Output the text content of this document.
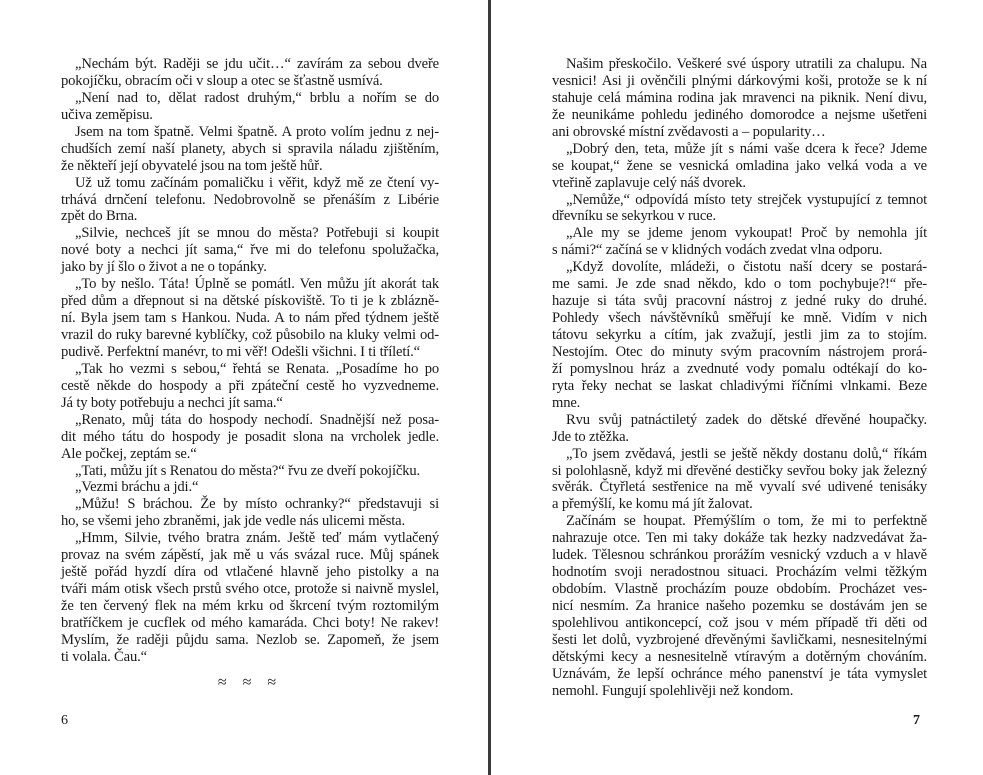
„Nechám být. Raději se jdu učit…“ zavírám za sebou dveře
pokojíčku, obracím oči v sloup a otec se šťastně usmívá.
„Není nad to, dělat radost druhým,“ brblu a nořím se do
učiva zeměpisu.
Jsem na tom špatně. Velmi špatně. A proto volím jednu z nej-
chudších zemí naší planety, abych si spravila náladu zjištěním,
že někteří její obyvatelé jsou na tom ještě hůř.
Už už tomu začínám pomaličku i věřit, když mě ze čtení vy-
trhává drnčení telefonu. Nedobrovolně se přenáším z Libérie
zpět do Brna.
„Silvie, nechceš jít se mnou do města? Potřebuji si koupit
nové boty a nechci jít sama,“ řve mi do telefonu spolužačka,
jako by jí šlo o život a ne o topánky.
„To by nešlo. Táta! Úplně se pomátl. Ven můžu jít akorát tak
před dům a dřepnout si na dětské pískoviště. To ti je k zblázně-
ní. Byla jsem tam s Hankou. Nuda. A to nám před týdnem ještě
vrazil do ruky barevné kyblíčky, což působilo na kluky velmi od-
pudivě. Perfektní manévr, to mi věř! Odešli všichni. I ti tříletí.“
„Tak ho vezmi s sebou,“ řehtá se Renata. „Posadíme ho po
cestě někde do hospody a při zpáteční cestě ho vyzvedneme.
Já ty boty potřebuju a nechci jít sama.“
„Renato, můj táta do hospody nechodí. Snadnější než posa-
dit mého tátu do hospody je posadit slona na vrcholek jedle.
Ale počkej, zeptám se.“
„Tati, můžu jít s Renatou do města?“ řvu ze dveří pokojíčku.
„Vezmi bráchu a jdi.“
„Můžu! S bráchou. Že by místo ochranky?“ představuji si
ho, se všemi jeho zbraněmi, jak jde vedle nás ulicemi města.
„Hmm, Silvie, tvého bratra znám. Ještě teď mám vytlačený
provaz na svém zápěstí, jak mě u vás svázal ruce. Můj spánek
ještě pořád hyzdí díra od vtlačené hlavně jeho pistolky a na
tváři mám otisk všech prstů svého otce, protože si naivně myslel,
že ten červený flek na mém krku od škrcení tvým roztomilým
bratříčkem je cucflek od mého kamaráda. Chci boty! Ne rakev!
Myslím, že raději půjdu sama. Nezlob se. Zapomeň, že jsem
ti volala. Čau.“
≈ ≈ ≈
6
Našim přeskočilo. Veškeré své úspory utratili za chalupu. Na
vesnici! Asi ji ověnčili plnými dárkovými koši, protože se k ní
stahuje celá mámina rodina jak mravenci na piknik. Není divu,
že neunikáme pohledu jediného domorodce a nejsme ušetřeni
ani obrovské místní zvědavosti a – popularity…
„Dobrý den, teta, může jít s námi vaše dcera k řece? Jdeme
se koupat,“ žene se vesnická omladina jako velká voda a ve
vteřině zaplavuje celý náš dvorek.
„Nemůže,“ odpovídá místo tety strejček vystupující z temnot
dřevníku se sekyrkou v ruce.
„Ale my se jdeme jenom vykoupat! Proč by nemohla jít
s námi?“ začíná se v klidných vodách zvedat vlna odporu.
„Když dovolíte, mládeži, o čistotu naší dcery se postará-
me sami. Je zde snad někdo, kdo o tom pochybuje?!“ pře-
hazuje si táta svůj pracovní nástroj z jedné ruky do druhé.
Pohledy všech návštěvníků směřují ke mně. Vidím v nich
tátovu sekyrku a cítím, jak zvažují, jestli jim za to stojím.
Nestojím. Otec do minuty svým pracovním nástrojem prorá-
ží pomyslnou hráz a zvednuté vody pomalu odtékají do ko-
ryta řeky nechat se laskat chladivými říčními vlnkami. Beze
mne.
Rvu svůj patnáctiletý zadek do dětské dřevěné houpačky.
Jde to ztěžka.
„To jsem zvědavá, jestli se ještě někdy dostanu dolů,“ říkám
si polohlasně, když mi dřevěné destičky sevřou boky jak železný
svěrák. Čtyřletá sestřenice na mě vyvalí své udivené tenisáky
a přemýšlí, ke komu má jít žalovat.
Začínám se houpat. Přemýšlím o tom, že mi to perfektně
nahrazuje otce. Ten mi taky dokáže tak hezky nadzvedávat ža-
ludek. Tělesnou schránkou prorážím vesnický vzduch a v hlavě
hodnotím svoji neradostnou situaci. Procházím velmi těžkým
obdobím. Vlastně procházím pouze obdobím. Procházet ves-
nicí nesmím. Za hranice našeho pozemku se dostávám jen se
spolehlivou antikoncepcí, což jsou v mém případě tři děti od
šesti let dolů, vyzbrojené dřevěnými šavličkami, nesnesitelnými
dětskými kecy a nesnesitelně vtíravým a dotěrným chováním.
Uznávám, že lepší ochránce mého panenství je táta vymyslet
nemohl. Fungují spolehlivěji než kondom.
7
